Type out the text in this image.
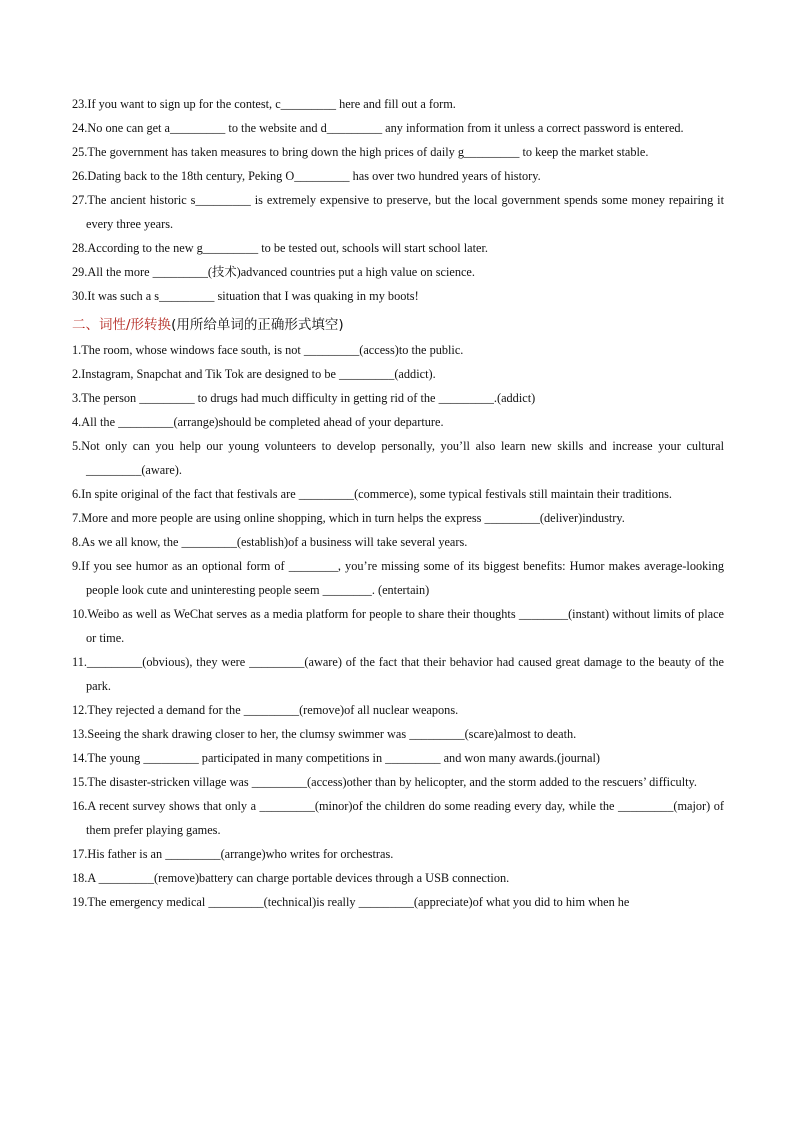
23.If you want to sign up for the contest, c_________ here and fill out a form.
24.No one can get a_________ to the website and d_________ any information from it unless a correct password is entered.
25.The government has taken measures to bring down the high prices of daily g_________ to keep the market stable.
26.Dating back to the 18th century, Peking O_________ has over two hundred years of history.
27.The ancient historic s_________ is extremely expensive to preserve, but the local government spends some money repairing it every three years.
28.According to the new g_________ to be tested out, schools will start school later.
29.All the more _________(技术)advanced countries put a high value on science.
30.It was such a s_________ situation that I was quaking in my boots!
二、词性/形转换(用所给单词的正确形式填空)
1.The room, whose windows face south, is not _________(access)to the public.
2.Instagram, Snapchat and Tik Tok are designed to be _________(addict).
3.The person _________ to drugs had much difficulty in getting rid of the _________.(addict)
4.All the _________(arrange)should be completed ahead of your departure.
5.Not only can you help our young volunteers to develop personally, you’ll also learn new skills and increase your cultural _________(aware).
6.In spite original of the fact that festivals are _________(commerce), some typical festivals still maintain their traditions.
7.More and more people are using online shopping, which in turn helps the express _________(deliver)industry.
8.As we all know, the _________(establish)of a business will take several years.
9.If you see humor as an optional form of ________, you’re missing some of its biggest benefits: Humor makes average-looking people look cute and uninteresting people seem ________. (entertain)
10.Weibo as well as WeChat serves as a media platform for people to share their thoughts ________(instant) without limits of place or time.
11._________(obvious), they were _________(aware) of the fact that their behavior had caused great damage to the beauty of the park.
12.They rejected a demand for the _________(remove)of all nuclear weapons.
13.Seeing the shark drawing closer to her, the clumsy swimmer was _________(scare)almost to death.
14.The young _________ participated in many competitions in _________ and won many awards.(journal)
15.The disaster-stricken village was _________(access)other than by helicopter, and the storm added to the rescuers’ difficulty.
16.A recent survey shows that only a _________(minor)of the children do some reading every day, while the _________(major) of them prefer playing games.
17.His father is an _________(arrange)who writes for orchestras.
18.A _________(remove)battery can charge portable devices through a USB connection.
19.The emergency medical _________(technical)is really _________(appreciate)of what you did to him when he
